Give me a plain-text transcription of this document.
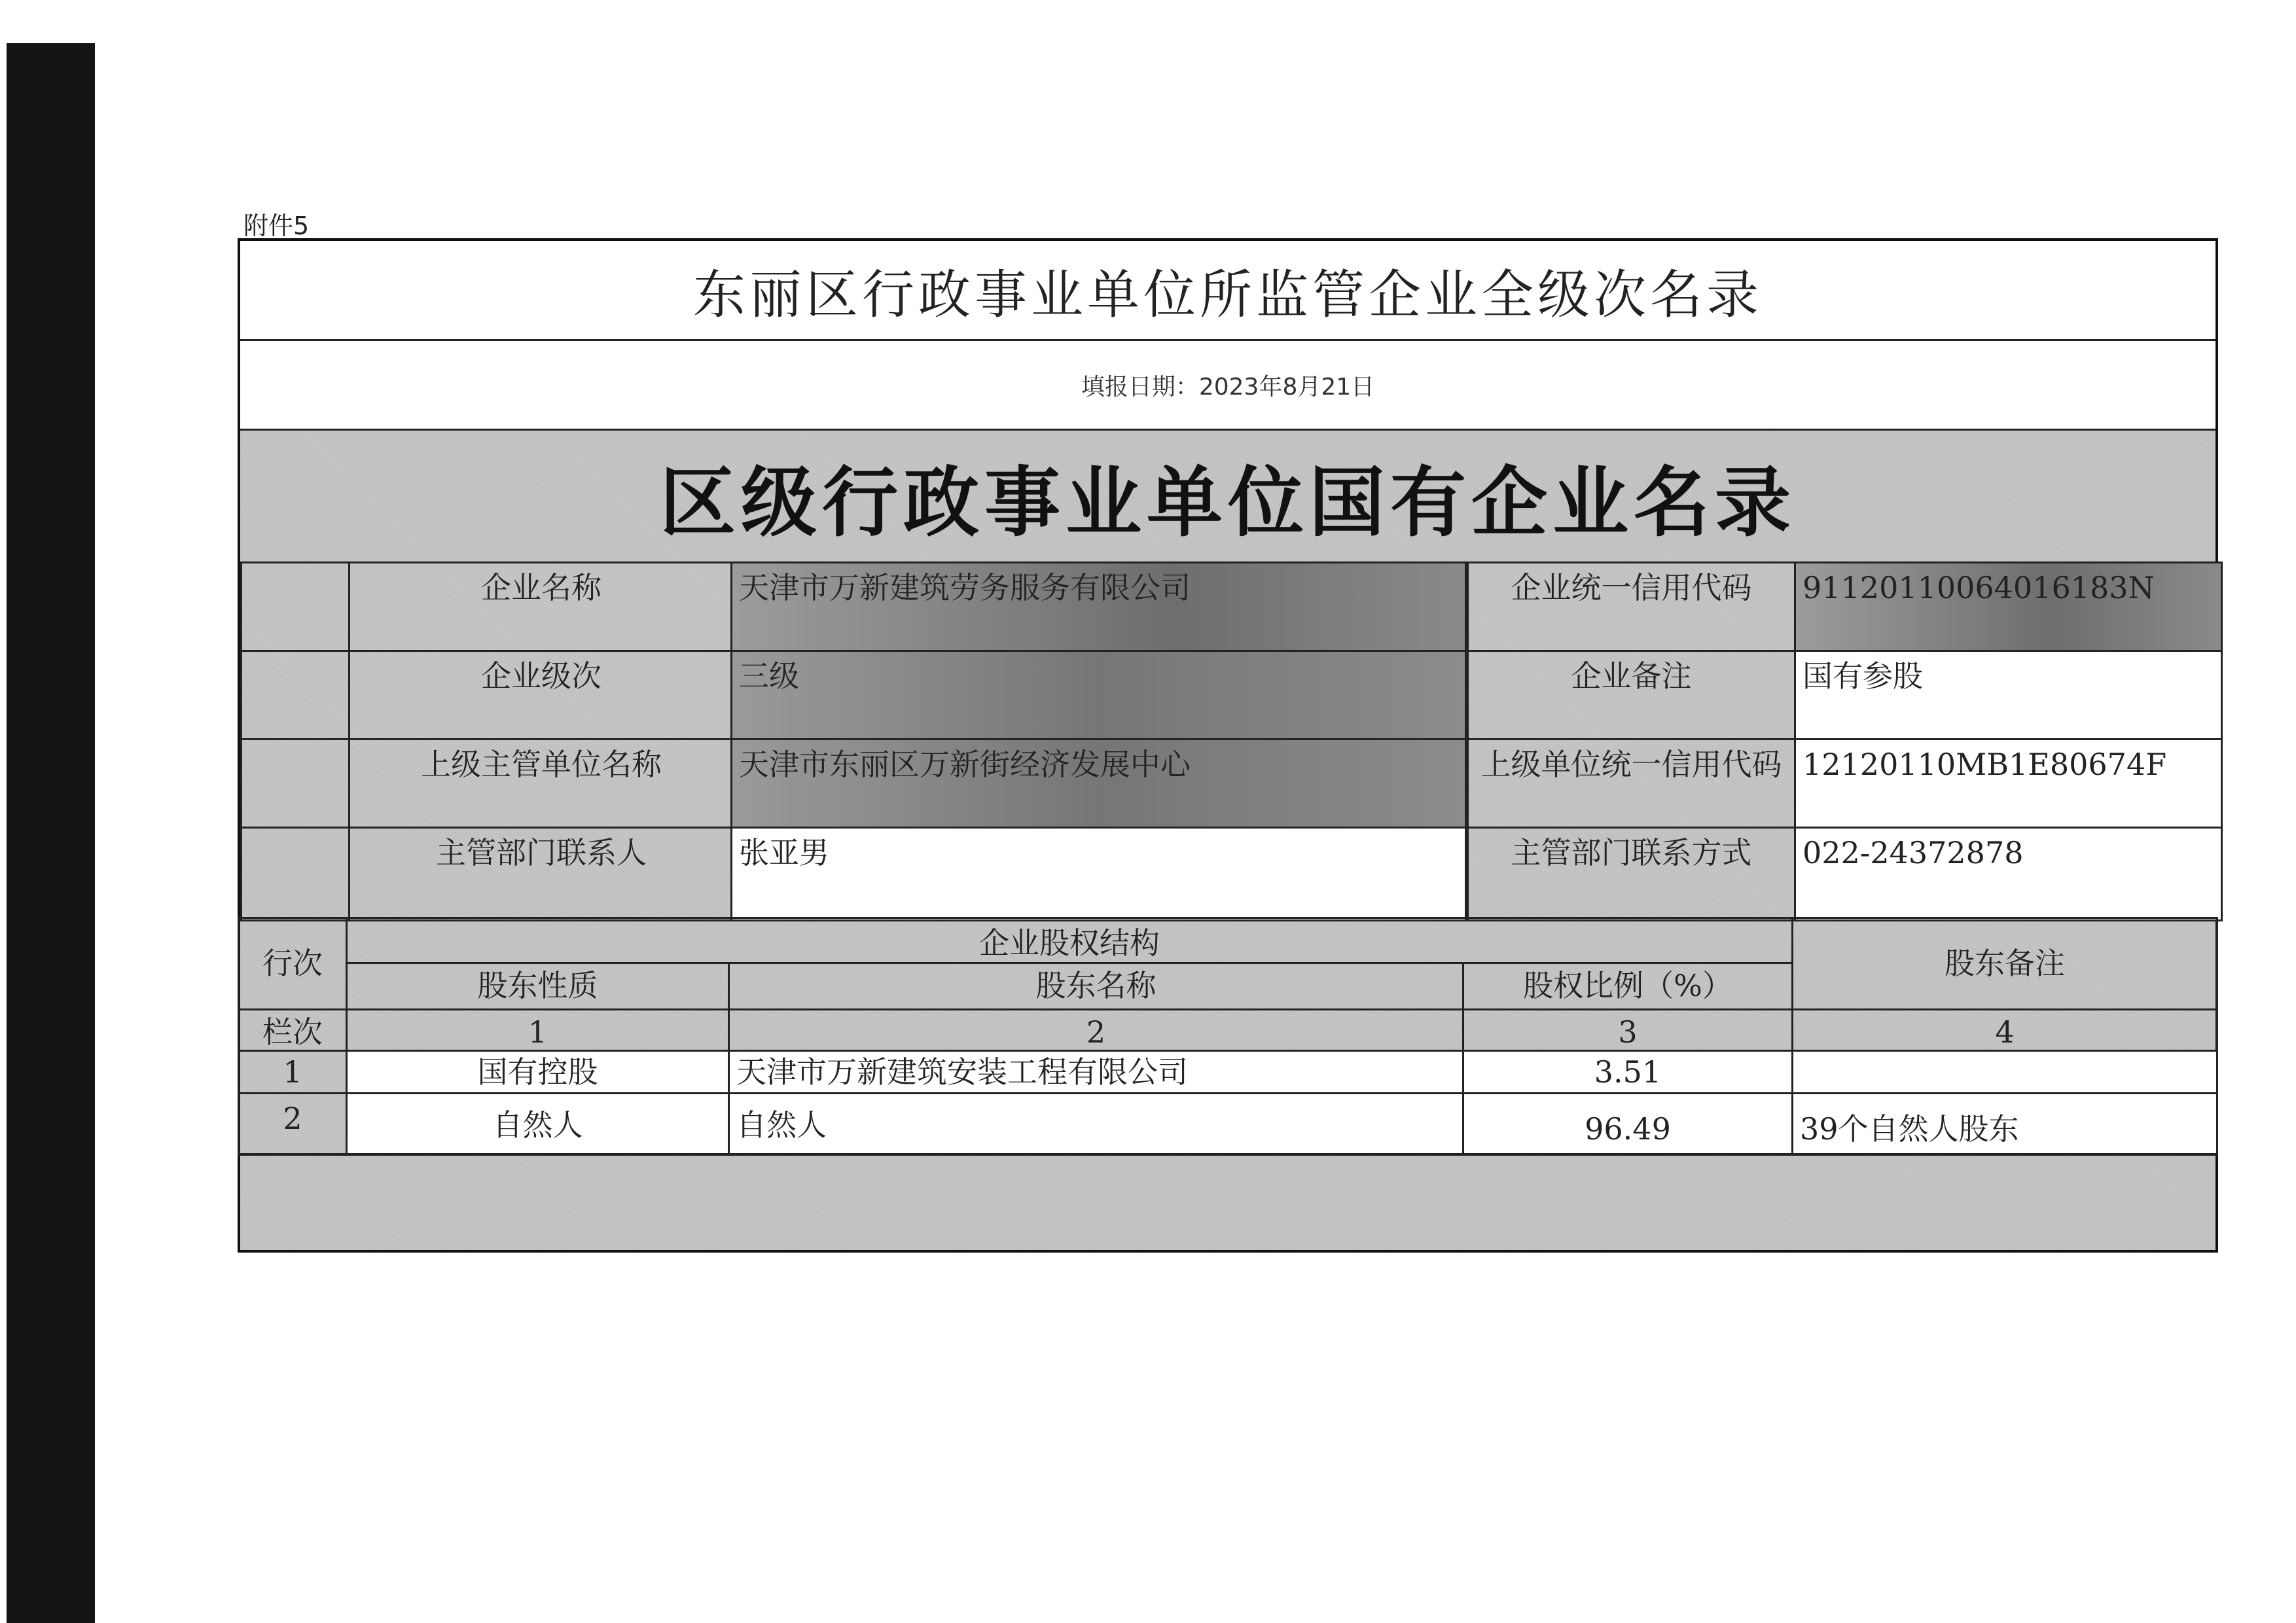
附件5
东丽区行政事业单位所监管企业全级次名录
填报日期：2023年8月21日
区级行政事业单位国有企业名录
企业名称	天津市万新建筑劳务服务有限公司	企业统一信用代码	91120110064016183N
企业级次	三级	企业备注	国有参股
上级主管单位名称	天津市东丽区万新街经济发展中心	上级单位统一信用代码 12120110MB1E80674F
主管部门联系人	张亚男	主管部门联系方式	022-24372878
行次
企业股权结构
股东备注
股东性质	股东名称	股权比例（%）
栏次	1	2	3	4
1	国有控股	天津市万新建筑安装工程有限公司	3.51
2	自然人	自然人	96.49	39个自然人股东
